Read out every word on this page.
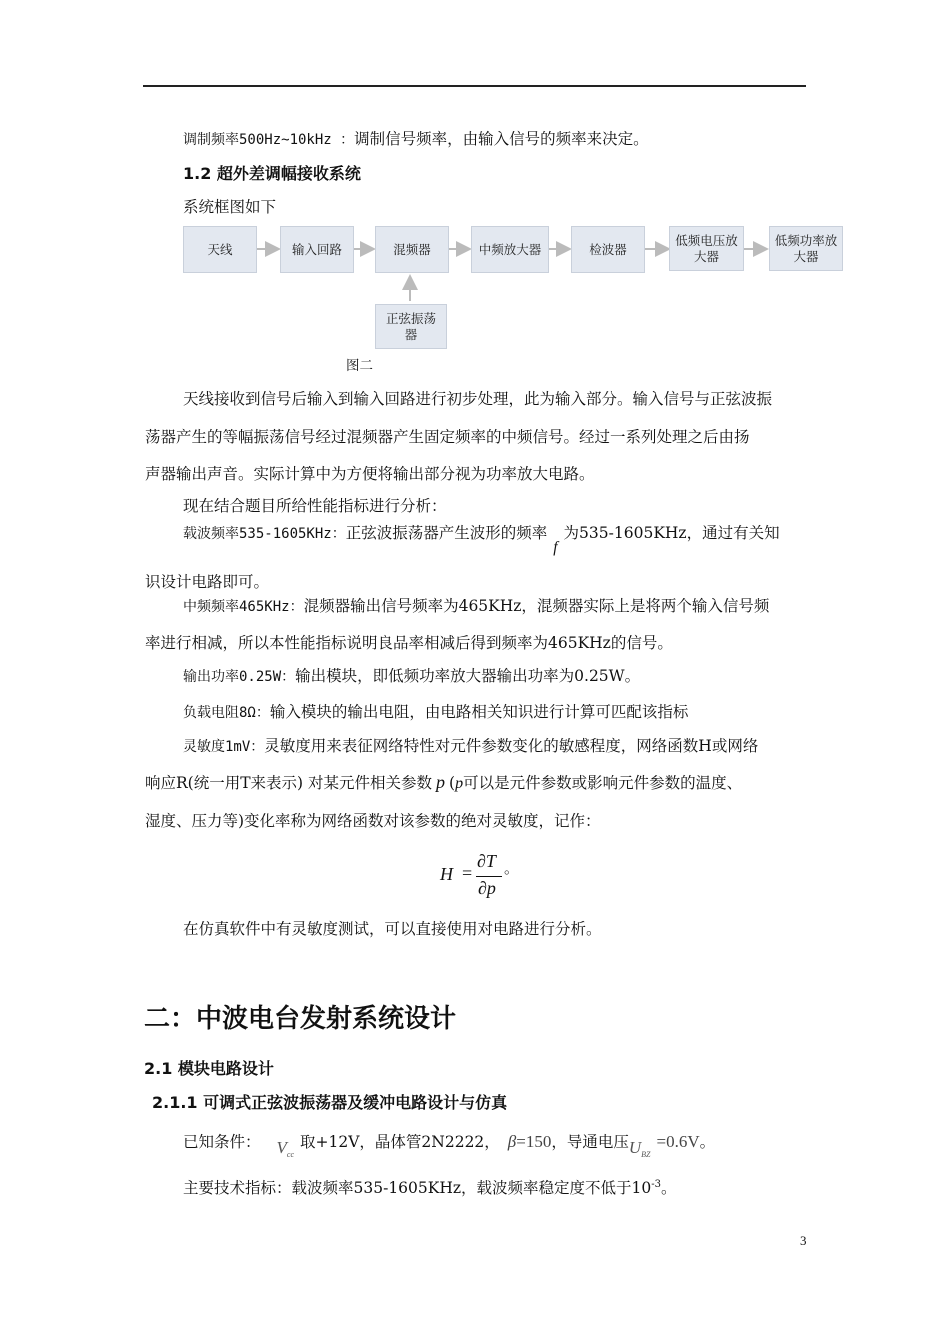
调制频率500Hz~10kHz ：调制信号频率，由输入信号的频率来决定。
1.2 超外差调幅接收系统
系统框图如下
天线	输入回路	混频器	中频放大器	检波器
低频电压放大器
低频功率放大器
正弦振荡器
图二
天线接收到信号后输入到输入回路进行初步处理，此为输入部分。输入信号与正弦波振
荡器产生的等幅振荡信号经过混频器产生固定频率的中频信号。经过一系列处理之后由扬
声器输出声音。实际计算中为方便将输出部分视为功率放大电路。
现在结合题目所给性能指标进行分析：
载波频率535-1605KHz：正弦波振荡器产生波形的频率f为535-1605KHz，通过有关知
识设计电路即可。
中频频率465KHz：混频器输出信号频率为465KHz，混频器实际上是将两个输入信号频
率进行相减，所以本性能指标说明良品率相减后得到频率为465KHz的信号。
输出功率0.25W：输出模块，即低频功率放大器输出功率为0.25W。
负载电阻8Ω：输入模块的输出电阻，由电路相关知识进行计算可匹配该指标
灵敏度1mV：灵敏度用来表征网络特性对元件参数变化的敏感程度，网络函数H或网络
响应R(统一用T来表示) 对某元件相关参数 p (p可以是元件参数或影响元件参数的温度、
湿度、压力等)变化率称为网络函数对该参数的绝对灵敏度，记作：
H =
∂T
∂p
。
在仿真软件中有灵敏度测试，可以直接使用对电路进行分析。
二：中波电台发射系统设计
2.1 模块电路设计
2.1.1 可调式正弦波振荡器及缓冲电路设计与仿真
已知条件： $V_{cc}$取+12V，晶体管2N2222， β=150，导通电压$U_{BZ}=0.6V$。
主要技术指标：载波频率535-1605KHz，载波频率稳定度不低于$10^{-3}$。
3
